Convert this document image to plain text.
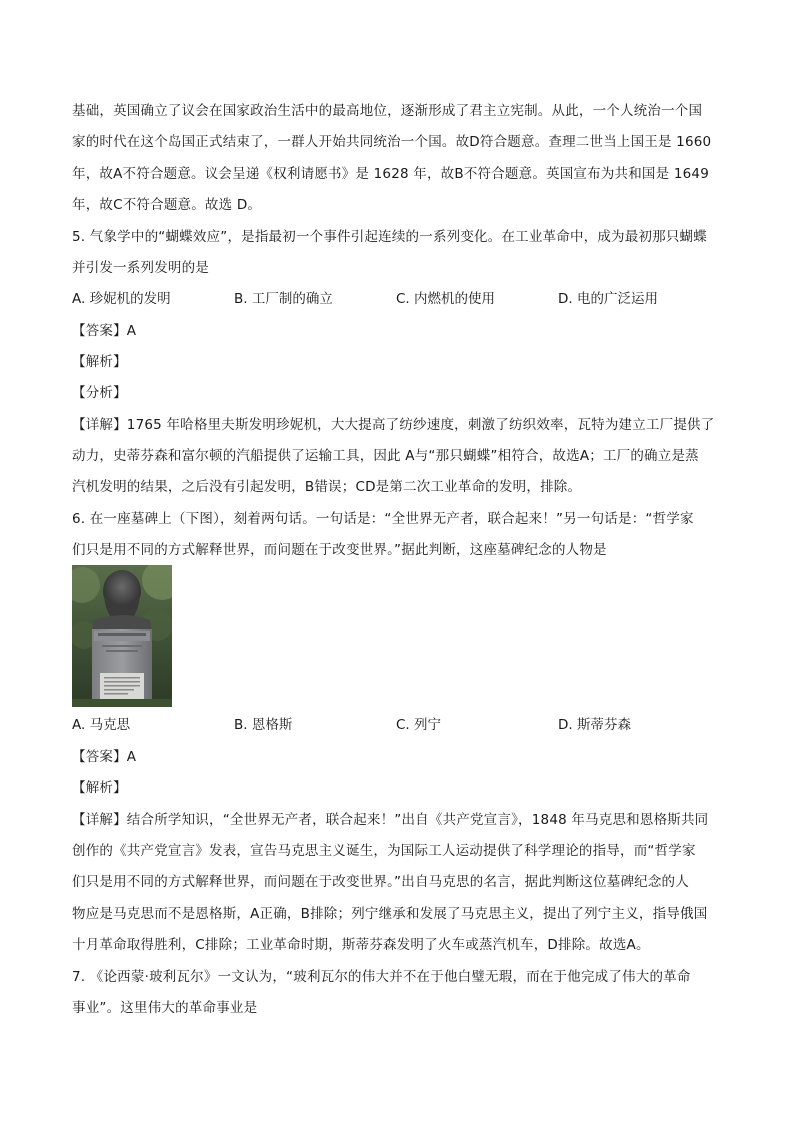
基础，英国确立了议会在国家政治生活中的最高地位，逐渐形成了君主立宪制。从此，一个人统治一个国
家的时代在这个岛国正式结束了，一群人开始共同统治一个国。故D符合题意。查理二世当上国王是 1660
年，故A不符合题意。议会呈递《权利请愿书》是 1628 年，故B不符合题意。英国宣布为共和国是 1649
年，故C不符合题意。故选 D。
5. 气象学中的“蝴蝶效应”，是指最初一个事件引起连续的一系列变化。在工业革命中，成为最初那只蝴蝶
并引发一系列发明的是
A. 珍妮机的发明	B. 工厂制的确立	C. 内燃机的使用	D. 电的广泛运用
【答案】A
【解析】
【分析】
【详解】1765 年哈格里夫斯发明珍妮机，大大提高了纺纱速度，刺激了纺织效率，瓦特为建立工厂提供了
动力，史蒂芬森和富尔顿的汽船提供了运输工具，因此 A与“那只蝴蝶”相符合，故选A；工厂的确立是蒸
汽机发明的结果，之后没有引起发明，B错误；CD是第二次工业革命的发明，排除。
6. 在一座墓碑上（下图），刻着两句话。一句话是：“全世界无产者，联合起来！”另一句话是：“哲学家
们只是用不同的方式解释世界，而问题在于改变世界。”据此判断，这座墓碑纪念的人物是
A. 马克思	B. 恩格斯	C. 列宁	D. 斯蒂芬森
【答案】A
【解析】
【详解】结合所学知识，“全世界无产者，联合起来！”出自《共产党宣言》，1848 年马克思和恩格斯共同
创作的《共产党宣言》发表，宣告马克思主义诞生，为国际工人运动提供了科学理论的指导，而“哲学家
们只是用不同的方式解释世界，而问题在于改变世界。”出自马克思的名言，据此判断这位墓碑纪念的人
物应是马克思而不是恩格斯，A正确，B排除；列宁继承和发展了马克思主义，提出了列宁主义，指导俄国
十月革命取得胜利，C排除；工业革命时期，斯蒂芬森发明了火车或蒸汽机车，D排除。故选A。
7. 《论西蒙·玻利瓦尔》一文认为，“玻利瓦尔的伟大并不在于他白璧无瑕，而在于他完成了伟大的革命
事业”。这里伟大的革命事业是
